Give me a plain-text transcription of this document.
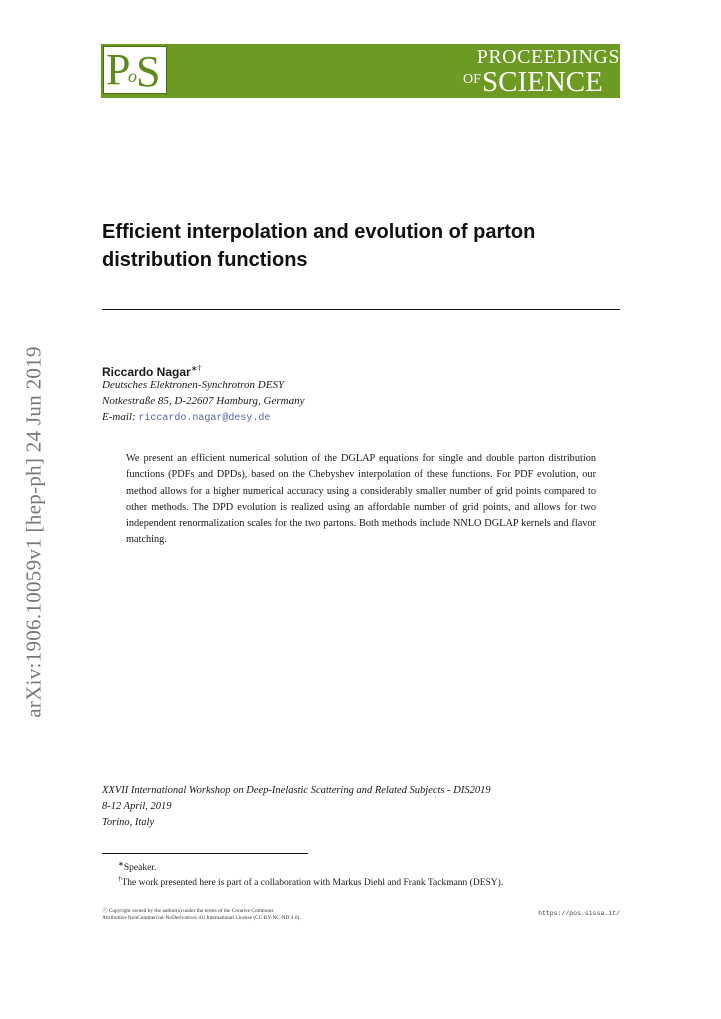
P
o S	PROCEEDINGS
OF SCIENCE
arXiv:1906.10059v1 [hep-ph] 24 Jun 2019
Efficient interpolation and evolution of parton
distribution functions
Riccardo Nagar∗†
Deutsches Elektronen-Synchrotron DESY
Notkestraße 85, D-22607 Hamburg, Germany
E-mail: riccardo.nagar@desy.de

We present an efficient numerical solution of the DGLAP equations for single and double parton distribution functions (PDFs and DPDs), based on the Chebyshev interpolation of these functions. For PDF evolution, our method allows for a higher numerical accuracy using a considerably smaller number of grid points compared to other methods. The DPD evolution is realized using an affordable number of grid points, and allows for two independent renormalization scales for the two partons. Both methods include NNLO DGLAP kernels and flavor matching.

XXVII International Workshop on Deep-Inelastic Scattering and Related Subjects - DIS2019
8-12 April, 2019
Torino, Italy
∗Speaker.
†The work presented here is part of a collaboration with Markus Diehl and Frank Tackmann (DESY).
ⓒ Copyright owned by the author(s) under the terms of the Creative Commons
Attribution-NonCommercial-NoDerivatives 4.0 International License (CC BY-NC-ND 4.0).
https://pos.sissa.it/
